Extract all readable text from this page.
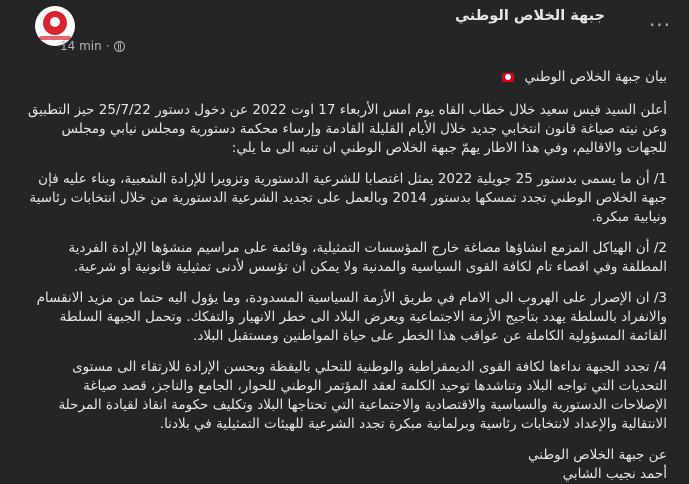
جبهة الخلاص الوطني
14 min ·
···

بيان جبهة الخلاص الوطني

أعلن السيد قيس سعيد خلال خطاب القاه يوم امس الأربعاء 17 اوت 2022 عن دخول دستور 25/7/22 حيز التطبيق وعن نيته صياغة قانون انتخابي جديد خلال الأيام القليلة القادمة وإرساء محكمة دستورية ومجلس نيابي ومجلس للجهات والاقاليم، وفي هذا الاطار يهمّ جبهة الخلاص الوطني ان تنبه الى ما يلي:

1/ أن ما يسمى بدستور 25 جويلية 2022 يمثل اغتصابا للشرعية الدستورية وتزويرا للإرادة الشعبية، وبناء عليه فإن جبهة الخلاص الوطني تجدد تمسكها بدستور 2014 وبالعمل على تجديد الشرعية الدستورية من خلال انتخابات رئاسية ونيابية مبكرة.

2/ أن الهياكل المزمع انشاؤها مصاغة خارج المؤسسات التمثيلية، وقائمة على مراسيم منشؤها الإرادة الفردية المطلقة وفي اقصاء تام لكافة القوى السياسية والمدنية ولا يمكن ان تؤسس لأدنى تمثيلية قانونية أو شرعية.

3/ ان الإصرار على الهروب الى الامام في طريق الأزمة السياسية المسدودة، وما يؤول اليه حتما من مزيد الانقسام والانفراد بالسلطة يهدد بتأجيج الأزمة الاجتماعية ويعرض البلاد الى خطر الانهيار والتفكك. وتحمل الجبهة السلطة القائمة المسؤولية الكاملة عن عواقب هذا الخطر على حياة المواطنين ومستقبل البلاد.

4/ تجدد الجبهة نداءها لكافة القوى الديمقراطية والوطنية للتحلي باليقظة وبحسن الإرادة للارتقاء الى مستوى التحديات التي تواجه البلاد وتناشدها توحيد الكلمة لعقد المؤتمر الوطني للحوار، الجامع والناجز، قصد صياغة الإصلاحات الدستورية والسياسية والاقتصادية والاجتماعية التي تحتاجها البلاد وتكليف حكومة انقاذ لقيادة المرحلة الانتقالية والإعداد لانتخابات رئاسية وبرلمانية مبكرة تجدد الشرعية للهيئات التمثيلية في بلادنا.

عن جبهة الخلاص الوطني

أحمد نجيب الشابي
